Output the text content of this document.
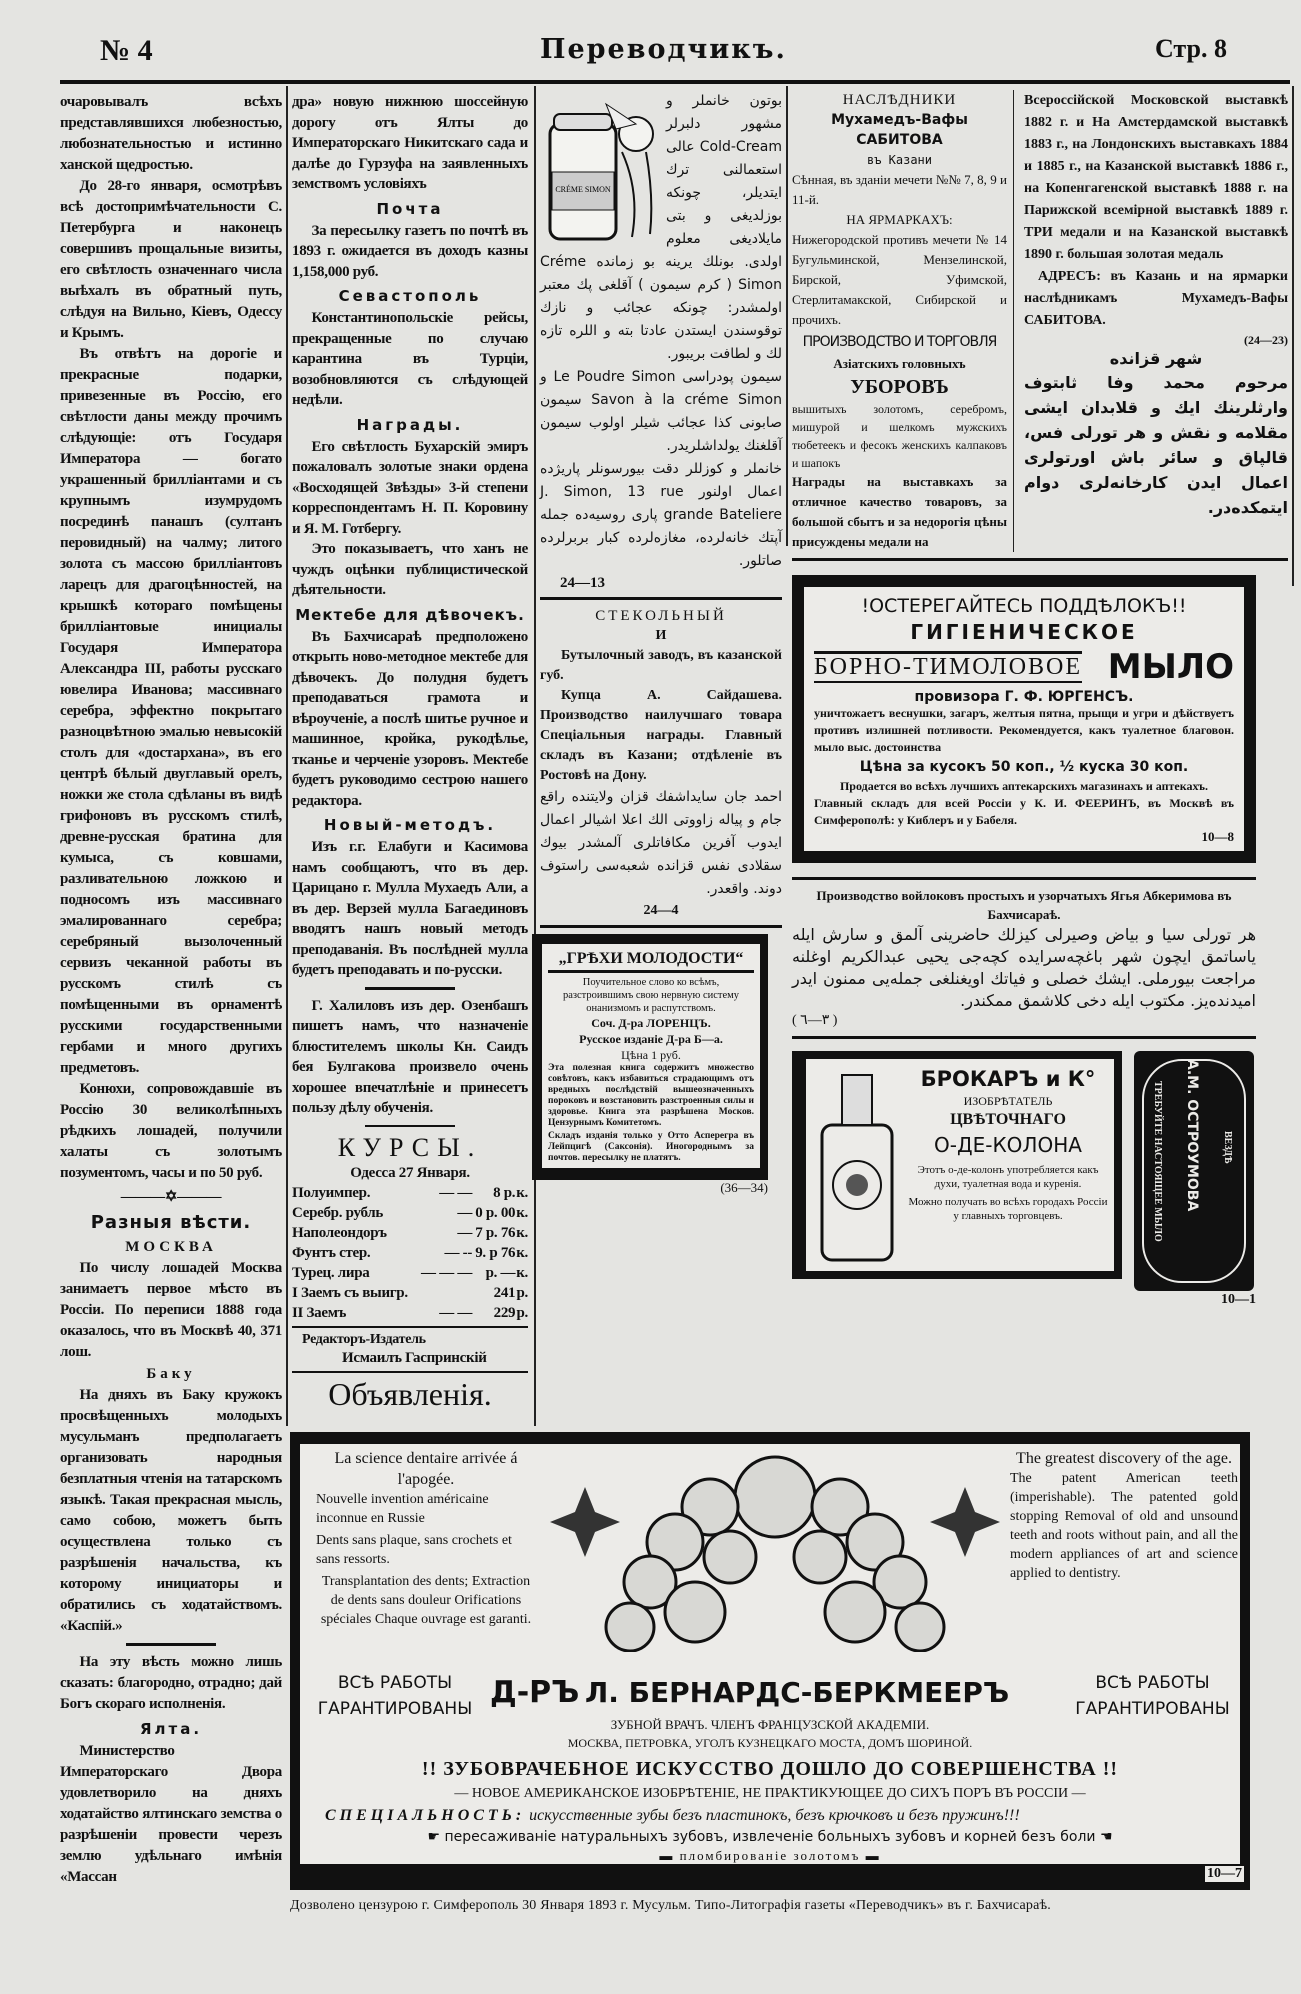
№ 4	Переводчикъ.	Стр. 8

очаровывалъ всѣхъ представлявшихся любезностью, любознательностью и истинно ханской щедростью.

До 28-го января, осмотрѣвъ всѣ достопримѣчательности С. Петербурга и наконецъ совершивъ прощальные визиты, его свѣтлость означеннаго числа выѣхалъ въ обратный путь, слѣдуя на Вильно, Кіевъ, Одессу и Крымъ.

Въ отвѣтъ на дорогіе и прекрасные подарки, привезенные въ Россію, его свѣтлости даны между прочимъ слѣдующіе: отъ Государя Императора — богато украшенный брилліантами и съ крупнымъ изумрудомъ посрединѣ панашъ (султанъ перовидный) на чалму; литого золота съ массою брилліантовъ ларецъ для драгоцѣнностей, на крышкѣ котораго помѣщены брилліантовые инициалы Государя Императора Александра III, работы русскаго ювелира Иванова; массивнаго серебра, эффектно покрытаго разноцвѣтною эмалью невысокій столъ для «достархана», въ его центрѣ бѣлый двуглавый орелъ, ножки же стола сдѣланы въ видѣ грифоновъ въ русскомъ стилѣ, древне-русская братина для кумыса, съ ковшами, разливательною ложкою и подносомъ изъ массивнаго эмалированнаго серебра; серебряный вызолоченный сервизъ чеканной работы въ русскомъ стилѣ съ помѣщенными въ орнаментѣ русскими государственными гербами и много другихъ предметовъ.

Конюхи, сопровождавшіе въ Россію 30 великолѣпныхъ рѣдкихъ лошадей, получили халаты съ золотымъ позументомъ, часы и по 50 руб.

———✡———
Разныя вѣсти.
МОСКВА

По числу лошадей Москва занимаетъ первое мѣсто въ Россіи. По переписи 1888 года оказалось, что въ Москвѣ 40, 371 лош.

Баку

На дняхъ въ Баку кружокъ просвѣщенныхъ молодыхъ мусульманъ предполагаетъ организовать народныя безплатныя чтенія на татарскомъ языкѣ. Такая прекрасная мысль, само собою, можетъ быть осуществлена только съ разрѣшенія начальства, къ которому инициаторы и обратились съ ходатайствомъ. «Каспій.»

На эту вѣсть можно лишь сказать: благородно, отрадно; дай Богъ скораго исполненія.

Ялта.

Министерство Императорскаго Двора удовлетворило на дняхъ ходатайство ялтинскаго земства о разрѣшеніи провести черезъ землю удѣльнаго имѣнія «Массан

дра» новую нижнюю шоссейную дорогу отъ Ялты до Императорскаго Никитскаго сада и далѣе до Гурзуфа на заявленныхъ земствомъ условіяхъ

Почта

За пересылку газетъ по почтѣ въ 1893 г. ожидается въ доходъ казны 1,158,000 руб.

Севастополь

Константинопольскіе рейсы, прекращенные по случаю карантина въ Турціи, возобновляются съ слѣдующей недѣли.

Награды.

Его свѣтлость Бухарскій эмиръ пожаловалъ золотые знаки ордена «Восходящей Звѣзды» 3-й степени корреспондентамъ Н. П. Коровину и Я. М. Готбергу.

Это показываетъ, что ханъ не чуждъ оцѣнки публицистической дѣятельности.

Мектебе для дѣвочекъ.

Въ Бахчисараѣ предположено открыть ново-методное мектебе для дѣвочекъ. До полудня будетъ преподаваться грамота и вѣроученіе, а послѣ шитье ручное и машинное, кройка, рукодѣлье, тканье и черченіе узоровъ. Мектебе будетъ руководимо сестрою нашего редактора.

Новый-методъ.

Изъ г.г. Елабуги и Касимова намъ сообщаютъ, что въ дер. Царицано г. Мулла Мухаедъ Али, а въ дер. Верзей мулла Багаединовъ вводятъ нашъ новый методъ преподаванія. Въ послѣдней мулла будетъ преподавать и по-русски.

Г. Халиловъ изъ дер. Озенбашъ пишетъ намъ, что назначеніе блюстителемъ школы Кн. Саидъ бея Булгакова произвело очень хорошее впечатлѣніе и принесетъ пользу дѣлу обученія.

КУРСЫ.
Одесса 27 Января.
Полуимпер.	— —	8 р.	к.
Серебр. рубль	—	0 р. 00	к.
Наполеондоръ	—	7 р. 76	к.
Фунтъ стер.	— --	9. р 76	к.
Турец. лира	— — —	р. —	к.
I Заемъ съ выигр.		241	р.
II Заемъ	— —	229	р.
Редакторъ-Издатель
Исмаилъ Гаспринскій
Объявленія.
CRÉME SIMON
بوتون خانملر و مشهور دلبرلر Cold-Cream عالی استعمالنی ترك ایتدیلر، چونکه بوزلدیغی و بتی مایلادیغی معلوم اولدی. بونلك یرینه بو زمانده Créme Simon ( كرم سیمون ) آقلغی پك معتبر اولمشدر: چونکه عجائب و نازك توقوسندن ایستدن عادتا بته و اللره تازه لك و لطافت بریبور.
سیمون پودراسی Le Poudre Simon و Savon à la créme Simon سیمون صابونی كذا عجائب شیلر اولوب سیمون آقلغنك یولداشلریدر.
خانملر و كوزللر دقت بیورسونلر پاریژده اعمال اولنور J. Simon, 13 rue grande Bateliere پاری روسیه‌ده جمله آپتك خانه‌لرده، مغازه‌لرده كبار بربرلرده صاتلور.
24—13
СТЕКОЛЬНЫЙ
И

Бутылочный заводъ, въ казанской губ.

Купца А. Сайдашева. Производство наилучшаго товара Спеціальныя награды. Главный складъ въ Казани; отдѣленіе въ Ростовѣ на Дону.

احمد جان سایداشفك قزان ولایتنده راقع جام و پیاله زاووتی الك اعلا اشیالر اعمال ایدوب آفرین مكافاتلری آلمشدر بیوك سقلادی نفس قزانده شعبه‌سی راستوف دوند. واقعدر.
24—4
„ГРѢХИ МОЛОДОСТИ“
Поучительное слово ко всѣмъ, разстроившимъ свою нервную систему онанизмомъ и распутствомъ.
Соч. Д-ра ЛОРЕНЦЪ.
Русское изданіе Д-ра Б—а.
Цѣна 1 руб.
Эта полезная книга содержитъ множество совѣтовъ, какъ избавиться страдающимъ отъ вредныхъ послѣдствій вышеозначенныхъ пороковъ и возстановить разстроенныя силы и здоровье. Книга эта разрѣшена Москов. Цензурнымъ Комитетомъ.
Складъ изданія только у Отто Асперегра въ Лейпцигѣ (Саксонія). Иногороднымъ за почтов. пересылку не платятъ.
(36—34)
НАСЛѢДНИКИ
Мухамедъ-Вафы САБИТОВА
въ Казани
Сѣнная, въ зданіи мечети №№ 7, 8, 9 и 11-й.
НА ЯРМАРКАХЪ:
Нижегородской противъ мечети № 14 Бугульминской, Мензелинской, Бирской, Уфимской, Стерлитамакской, Сибирской и прочихъ.
ПРОИЗВОДСТВО И ТОРГОВЛЯ
Азіатскихъ головныхъ
УБОРОВЪ
вышитыхъ золотомъ, серебромъ, мишурой и шелкомъ мужскихъ тюбетеекъ и фесокъ женскихъ калпаковъ и шапокъ
Награды на выставкахъ за отличное качество товаровъ, за большой сбытъ и за недорогія цѣны присуждены медали на
Всероссійской Московской выставкѣ 1882 г. и На Амстердамской выставкѣ 1883 г., на Лондонскихъ выставкахъ 1884 и 1885 г., на Казанской выставкѣ 1886 г., на Копенгагенской выставкѣ 1888 г. на Парижской всемірной выставкѣ 1889 г. ТРИ медали и на Казанской выставкѣ 1890 г. большая золотая медаль
АДРЕСЪ: въ Казань и на ярмарки наслѣдникамъ Мухамедъ-Вафы САБИТОВА.
(24—23)
شهر قزانده
مرحوم محمد وفا ثابتوف وارثلرینك ایك و قلابدان ایشی مقلامه و نقش و هر تورلی فس، قالپاق و سائر باش اورتولری اعمال ایدن كارخانه‌لری دوام ایتمكده‌در.
!ОСТЕРЕГАЙТЕСЬ ПОДДѢЛОКЪ!!
ГИГІЕНИЧЕСКОЕ
БОРНО-ТИМОЛОВОЕ МЫЛО
провизора Г. Ф. ЮРГЕНСЪ.
уничтожаетъ веснушки, загаръ, желтыя пятна, прыщи и угри и дѣйствуетъ противъ излишней потливости. Рекомендуется, какъ туалетное благовон. мыло выс. достоинства
Цѣна за кусокъ 50 коп., ½ куска 30 коп.
Продается во всѣхъ лучшихъ аптекарскихъ магазинахъ и аптекахъ.
Главный складъ для всей Россіи у К. И. ФЕЕРИНЪ, въ Москвѣ въ Симферополѣ: у Киблеръ и у Бабеля.
10—8
Производство войлоковъ простыхъ и узорчатыхъ Ягья Абкеримова въ Бахчисараѣ.
هر تورلی سیا و بیاض وصیرلی كیزلك حاضرینی آلمق و سارش ایله یاساتمق ایچون شهر باغچه‌سرایده كچه‌جی یحیی عبدالكریم اوغلنه مراجعت بیورملی. ایشك خصلی و فیاتك اویغنلغی جمله‌یی ممنون ایدر امیدنده‌یز. مكتوب ایله دخی كلاشمق ممكندر.
( ٣—٦ )
БРОКАРЪ и К°
ИЗОБРѢТАТЕЛЬ
ЦВѢТОЧНАГО
О-ДЕ-КОЛОНА
Этотъ о-де-колонъ употребляется какъ духи, туалетная вода и куренія.
Можно получать во всѣхъ городахъ Россіи у главныхъ торговцевъ.
А.М. ОСТРОУМОВА
ТРЕБУЙТЕ НАСТОЯЩЕЕ МЫЛО	ВЕЗДѢ
10—1
La science dentaire arrivée á l'apogée.
Nouvelle invention américaine inconnue en Russie
Dents sans plaque, sans crochets et sans ressorts.
Transplantation des dents; Extraction de dents sans douleur Orifications spéciales Chaque ouvrage est garanti.
The greatest discovery of the age.
The patent American teeth (imperishable). The patented gold stopping Removal of old and unsound teeth and roots without pain, and all the modern appliances of art and science applied to dentistry.
ВСѢ РАБОТЫ ГАРАНТИРОВАНЫ
ВСѢ РАБОТЫ ГАРАНТИРОВАНЫ
Д-РЪ Л. БЕРНАРДС-БЕРКМЕЕРЪ
ЗУБНОЙ ВРАЧЪ. ЧЛЕНЪ ФРАНЦУЗСКОЙ АКАДЕМІИ.
МОСКВА, ПЕТРОВКА, УГОЛЪ КУЗНЕЦКАГО МОСТА, ДОМЪ ШОРИНОЙ.
!! ЗУБОВРАЧЕБНОЕ ИСКУССТВО ДОШЛО ДО СОВЕРШЕНСТВА !!
— НОВОЕ АМЕРИКАНСКОЕ ИЗОБРѢТЕНІЕ, НЕ ПРАКТИКУЮЩЕЕ ДО СИХЪ ПОРЪ ВЪ РОССІИ —
СПЕЦІАЛЬНОСТЬ: искусственные зубы безъ пластинокъ, безъ крючковъ и безъ пружинъ!!!
☛ пересаживаніе натуральныхъ зубовъ, извлеченіе больныхъ зубовъ и корней безъ боли ☚
▬ пломбированіе золотомъ ▬
10—7
Дозволено цензурою г. Симферополь 30 Января 1893 г. Мусульм. Типо-Литографія газеты «Переводчикъ» въ г. Бахчисараѣ.
